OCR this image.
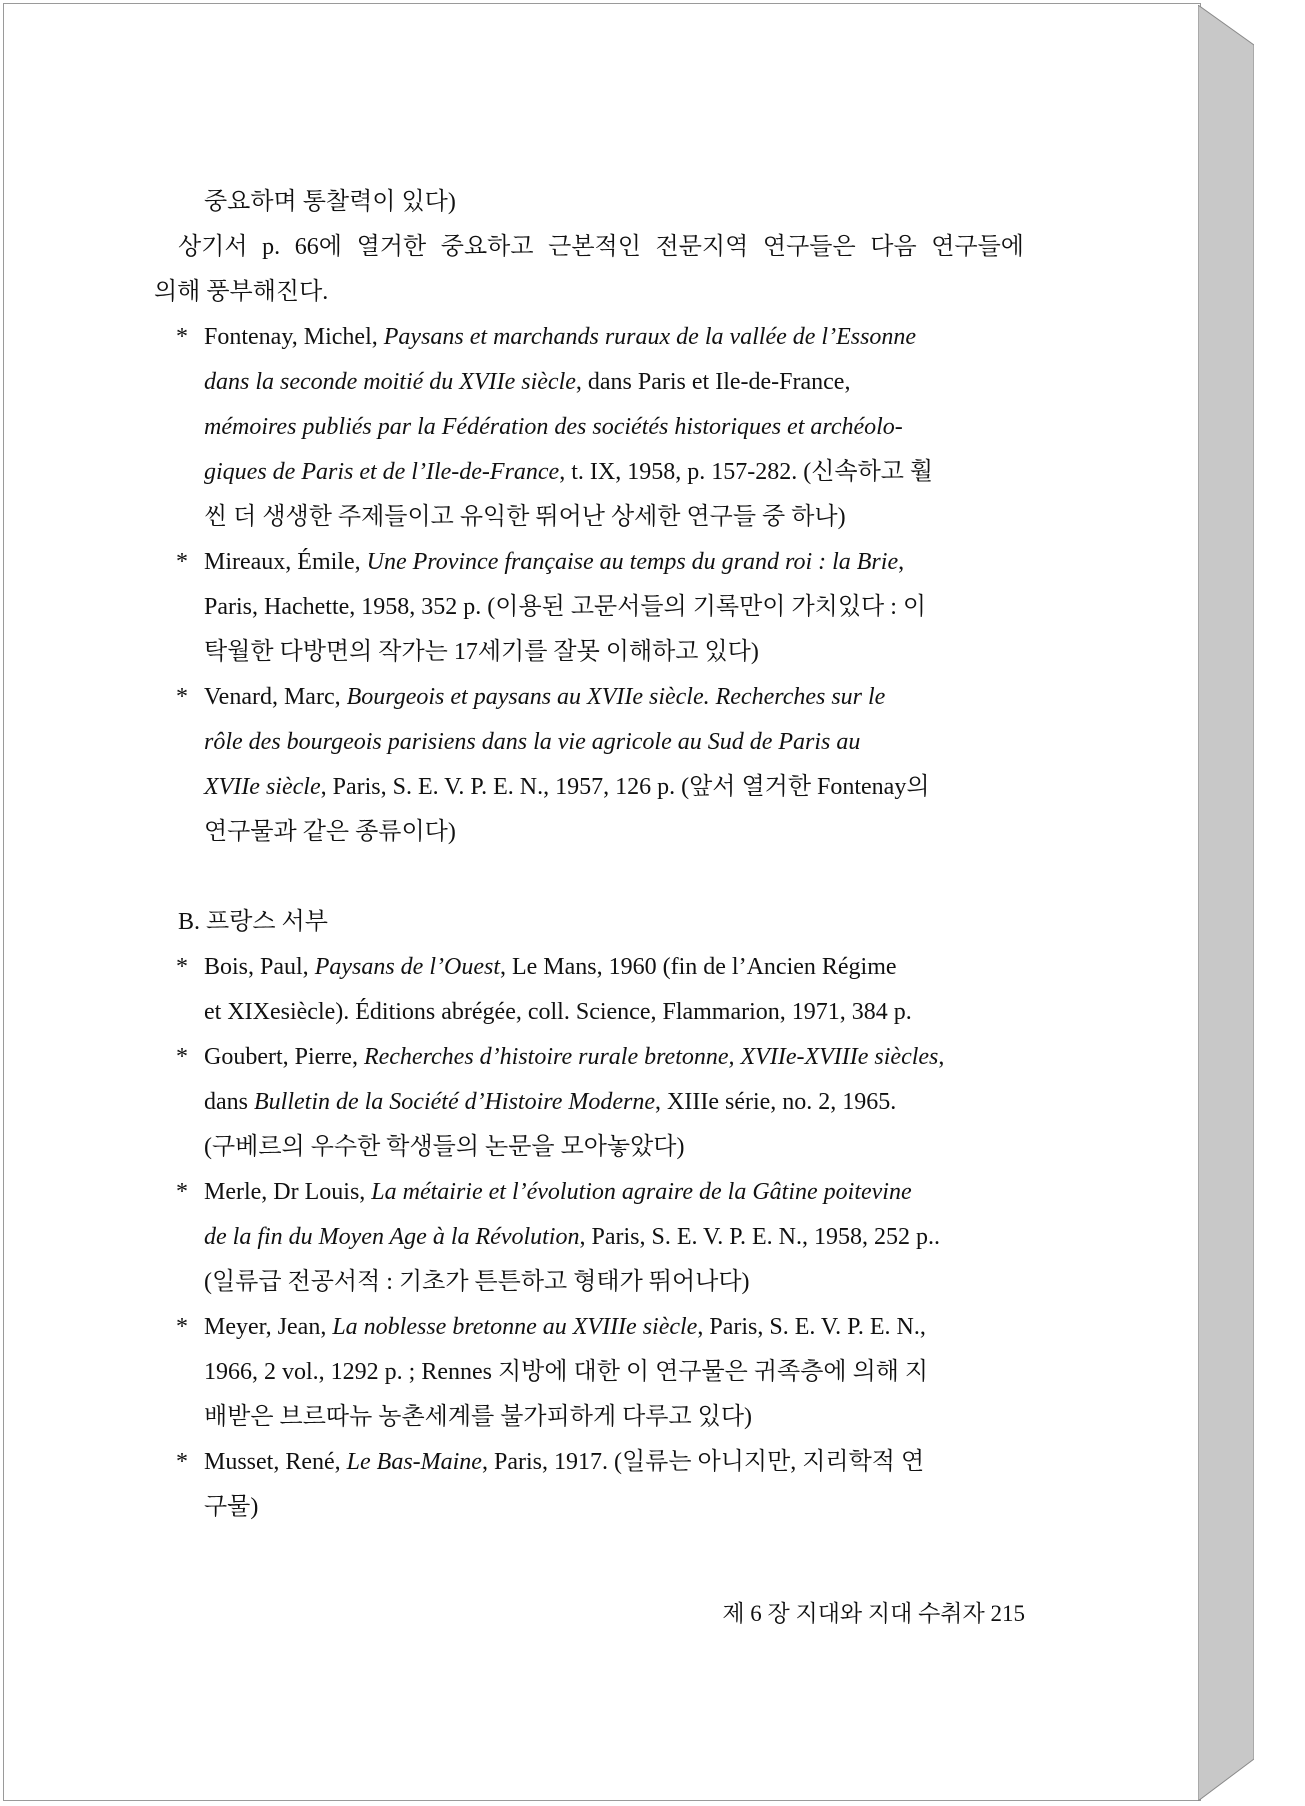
중요하며 통찰력이 있다)
상기서 p. 66에 열거한 중요하고 근본적인 전문지역 연구들은 다음 연구들에
의해 풍부해진다.
* Fontenay, Michel, Paysans et marchands ruraux de la vallée de l’Essonne
dans la seconde moitié du XVIIe siècle, dans Paris et Ile-de-France,
mémoires publiés par la Fédération des sociétés historiques et archéolo-
giques de Paris et de l’Ile-de-France, t. IX, 1958, p. 157-282. (신속하고 훨
씬 더 생생한 주제들이고 유익한 뛰어난 상세한 연구들 중 하나)
* Mireaux, Émile, Une Province française au temps du grand roi : la Brie,
Paris, Hachette, 1958, 352 p. (이용된 고문서들의 기록만이 가치있다 : 이
탁월한 다방면의 작가는 17세기를 잘못 이해하고 있다)
* Venard, Marc, Bourgeois et paysans au XVIIe siècle. Recherches sur le
rôle des bourgeois parisiens dans la vie agricole au Sud de Paris au
XVIIe siècle, Paris, S. E. V. P. E. N., 1957, 126 p. (앞서 열거한 Fontenay의
연구물과 같은 종류이다)
B. 프랑스 서부
* Bois, Paul, Paysans de l’Ouest, Le Mans, 1960 (fin de l’Ancien Régime
et XIXesiècle). Éditions abrégée, coll. Science, Flammarion, 1971, 384 p.
* Goubert, Pierre, Recherches d’histoire rurale bretonne, XVIIe-XVIIIe siècles,
dans Bulletin de la Société d’Histoire Moderne, XIIIe série, no. 2, 1965.
(구베르의 우수한 학생들의 논문을 모아놓았다)
* Merle, Dr Louis, La métairie et l’évolution agraire de la Gâtine poitevine
de la fin du Moyen Age à la Révolution, Paris, S. E. V. P. E. N., 1958, 252 p..
(일류급 전공서적 : 기초가 튼튼하고 형태가 뛰어나다)
* Meyer, Jean, La noblesse bretonne au XVIIIe siècle, Paris, S. E. V. P. E. N.,
1966, 2 vol., 1292 p. ; Rennes 지방에 대한 이 연구물은 귀족층에 의해 지
배받은 브르따뉴 농촌세계를 불가피하게 다루고 있다)
* Musset, René, Le Bas-Maine, Paris, 1917. (일류는 아니지만, 지리학적 연
구물)
제 6 장 지대와 지대 수취자 215
